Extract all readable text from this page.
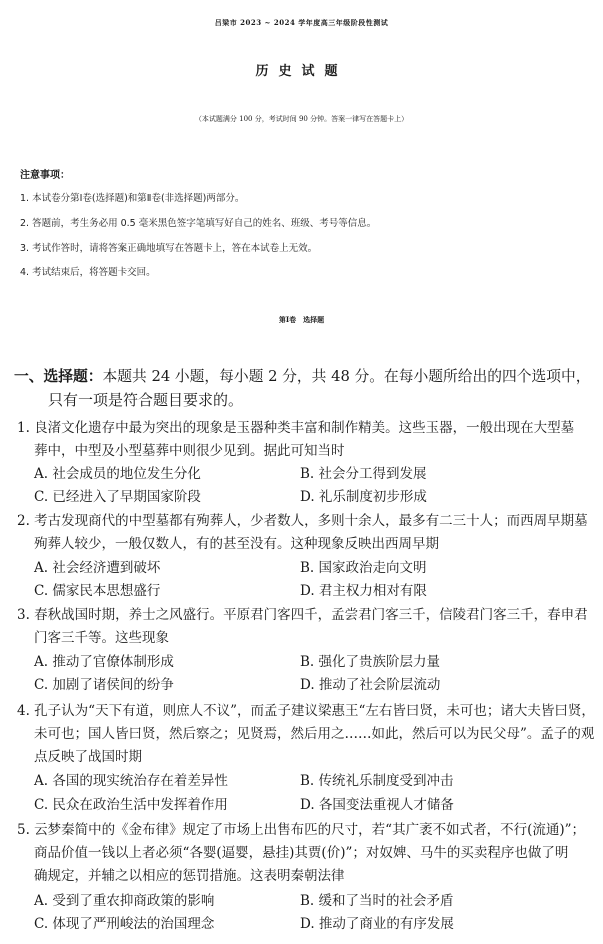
吕梁市 2023 ~ 2024 学年度高三年级阶段性测试
历史试题
（本试题满分 100 分，考试时间 90 分钟。答案一律写在答题卡上）
注意事项：
1. 本试卷分第Ⅰ卷(选择题)和第Ⅱ卷(非选择题)两部分。
2. 答题前，考生务必用 0.5 毫米黑色签字笔填写好自己的姓名、班级、考号等信息。
3. 考试作答时，请将答案正确地填写在答题卡上，答在本试卷上无效。
4. 考试结束后，将答题卡交回。
第Ⅰ卷　选择题
一、选择题：本题共 24 小题，每小题 2 分，共 48 分。在每小题所给出的四个选项中，
只有一项是符合题目要求的。
1. 良渚文化遗存中最为突出的现象是玉器种类丰富和制作精美。这些玉器，一般出现在大型墓
葬中，中型及小型墓葬中则很少见到。据此可知当时
A. 社会成员的地位发生分化	B. 社会分工得到发展
C. 已经进入了早期国家阶段	D. 礼乐制度初步形成
2. 考古发现商代的中型墓都有殉葬人，少者数人，多则十余人，最多有二三十人；而西周早期墓
殉葬人较少，一般仅数人，有的甚至没有。这种现象反映出西周早期
A. 社会经济遭到破坏	B. 国家政治走向文明
C. 儒家民本思想盛行	D. 君主权力相对有限
3. 春秋战国时期，养士之风盛行。平原君门客四千，孟尝君门客三千，信陵君门客三千，春申君
门客三千等。这些现象
A. 推动了官僚体制形成	B. 强化了贵族阶层力量
C. 加剧了诸侯间的纷争	D. 推动了社会阶层流动
4. 孔子认为“天下有道，则庶人不议”，而孟子建议梁惠王“左右皆曰贤，未可也；诸大夫皆曰贤，
未可也；国人皆曰贤，然后察之；见贤焉，然后用之……如此，然后可以为民父母”。孟子的观
点反映了战国时期
A. 各国的现实统治存在着差异性	B. 传统礼乐制度受到冲击
C. 民众在政治生活中发挥着作用	D. 各国变法重视人才储备
5. 云梦秦简中的《金布律》规定了市场上出售布匹的尺寸，若“其广袤不如式者，不行(流通)”；
商品价值一钱以上者必须“各婴(逼婴，悬挂)其贾(价)”；对奴婢、马牛的买卖程序也做了明
确规定，并辅之以相应的惩罚措施。这表明秦朝法律
A. 受到了重农抑商政策的影响	B. 缓和了当时的社会矛盾
C. 体现了严刑峻法的治国理念	D. 推动了商业的有序发展
